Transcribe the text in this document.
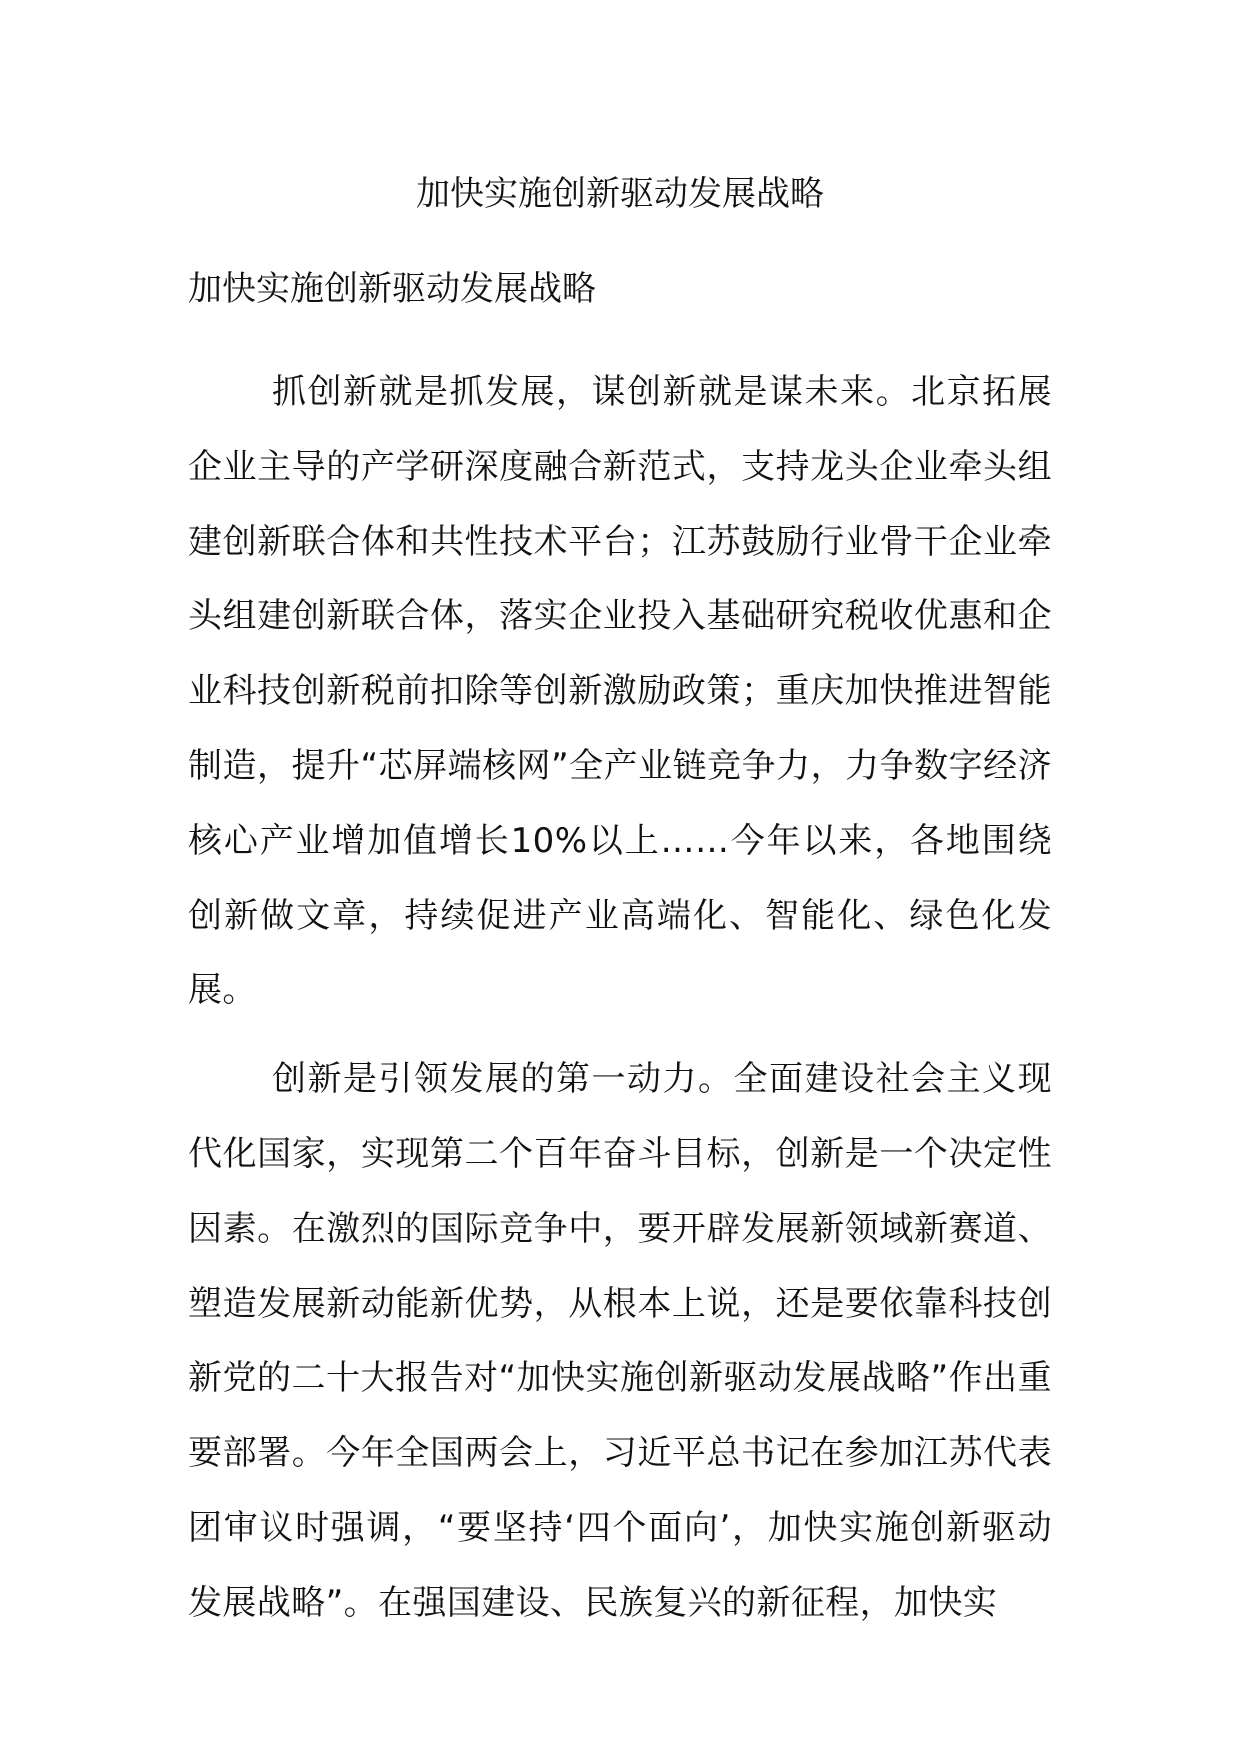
加快实施创新驱动发展战略
加快实施创新驱动发展战略

抓创新就是抓发展，谋创新就是谋未来。北京拓展企业主导的产学研深度融合新范式，支持龙头企业牵头组建创新联合体和共性技术平台；江苏鼓励行业骨干企业牵头组建创新联合体，落实企业投入基础研究税收优惠和企业科技创新税前扣除等创新激励政策；重庆加快推进智能制造，提升“芯屏端核网”全产业链竞争力，力争数字经济核心产业增加值增长10%以上……今年以来，各地围绕创新做文章，持续促进产业高端化、智能化、绿色化发展。

创新是引领发展的第一动力。全面建设社会主义现代化国家，实现第二个百年奋斗目标，创新是一个决定性因素。在激烈的国际竞争中，要开辟发展新领域新赛道、塑造发展新动能新优势，从根本上说，还是要依靠科技创新党的二十大报告对“加快实施创新驱动发展战略”作出重要部署。今年全国两会上，习近平总书记在参加江苏代表团审议时强调，“要坚持‘四个面向’，加快实施创新驱动发展战略”。在强国建设、民族复兴的新征程，加快实
